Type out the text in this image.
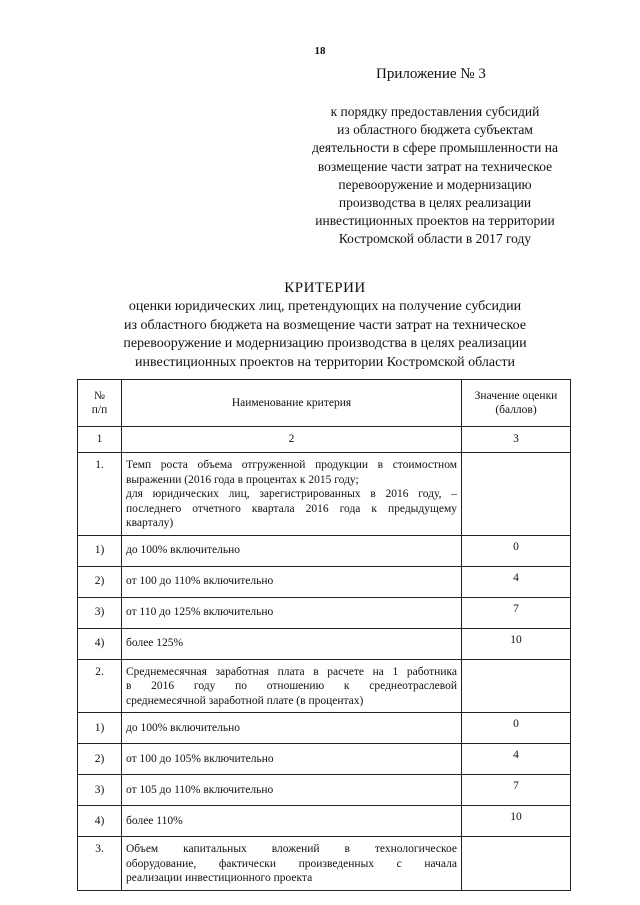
18
Приложение № 3
к порядку предоставления субсидий
из областного бюджета субъектам
деятельности в сфере промышленности на
возмещение части затрат на техническое
перевооружение и модернизацию
производства в целях реализации
инвестиционных проектов на территории
Костромской области в 2017 году
КРИТЕРИИ
оценки юридических лиц, претендующих на получение субсидии
из областного бюджета на возмещение части затрат на техническое
перевооружение и модернизацию производства в целях реализации
инвестиционных проектов на территории Костромской области
№
п/п	Наименование критерия	Значение оценки
(баллов)

1	2	3
1.	Темп роста объема отгруженной продукции в стоимостном
выражении (2016 года в процентах к 2015 году;
для юридических лиц, зарегистрированных в 2016 году, –
последнего отчетного квартала 2016 года к предыдущему
кварталу)	

1)	до 100% включительно	0
2)	от 100 до 110% включительно	4
3)	от 110 до 125% включительно	7
4)	более 125%	10
2.	Среднемесячная заработная плата в расчете на 1 работника
в 2016 году по отношению к среднеотраслевой
среднемесячной заработной плате (в процентах)	

1)	до 100% включительно	0
2)	от 100 до 105% включительно	4
3)	от 105 до 110% включительно	7
4)	более 110%	10
3.	Объем капитальных вложений в технологическое
оборудование, фактически произведенных с начала
реализации инвестиционного проекта	
